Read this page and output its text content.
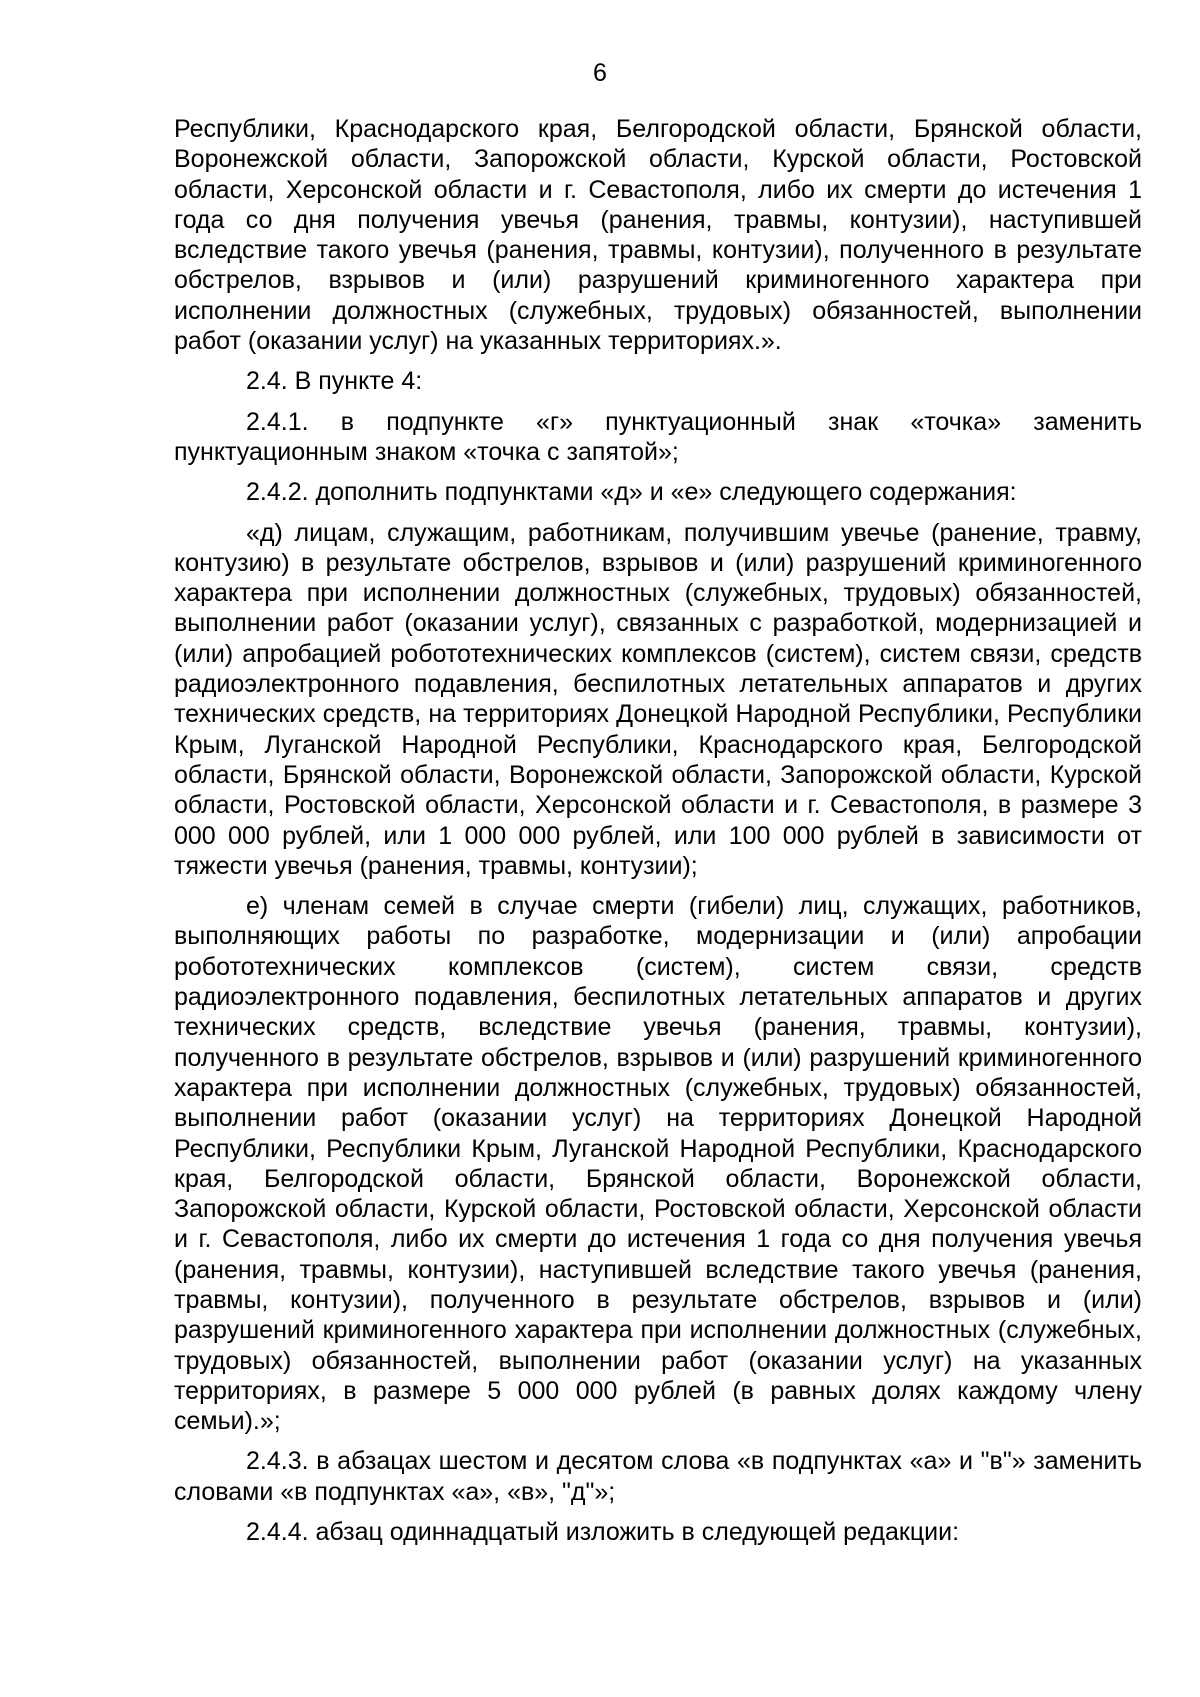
6

Республики, Краснодарского края, Белгородской области, Брянской области, Воронежской области, Запорожской области, Курской области, Ростовской области, Херсонской области и г. Севастополя, либо их смерти до истечения 1 года со дня получения увечья (ранения, травмы, контузии), наступившей вследствие такого увечья (ранения, травмы, контузии), полученного в результате обстрелов, взрывов и (или) разрушений криминогенного характера при исполнении должностных (служебных, трудовых) обязанностей, выполнении работ (оказании услуг) на указанных территориях.».

2.4. В пункте 4:

2.4.1. в подпункте «г» пунктуационный знак «точка» заменить пунктуационным знаком «точка с запятой»;

2.4.2. дополнить подпунктами «д» и «е» следующего содержания:

«д) лицам, служащим, работникам, получившим увечье (ранение, травму, контузию) в результате обстрелов, взрывов и (или) разрушений криминогенного характера при исполнении должностных (служебных, трудовых) обязанностей, выполнении работ (оказании услуг), связанных с разработкой, модернизацией и (или) апробацией робототехнических комплексов (систем), систем связи, средств радиоэлектронного подавления, беспилотных летательных аппаратов и других технических средств, на территориях Донецкой Народной Республики, Республики Крым, Луганской Народной Республики, Краснодарского края, Белгородской области, Брянской области, Воронежской области, Запорожской области, Курской области, Ростовской области, Херсонской области и г. Севастополя, в размере 3 000 000 рублей, или 1 000 000 рублей, или 100 000 рублей в зависимости от тяжести увечья (ранения, травмы, контузии);

е) членам семей в случае смерти (гибели) лиц, служащих, работников, выполняющих работы по разработке, модернизации и (или) апробации робототехнических комплексов (систем), систем связи, средств радиоэлектронного подавления, беспилотных летательных аппаратов и других технических средств, вследствие увечья (ранения, травмы, контузии), полученного в результате обстрелов, взрывов и (или) разрушений криминогенного характера при исполнении должностных (служебных, трудовых) обязанностей, выполнении работ (оказании услуг) на территориях Донецкой Народной Республики, Республики Крым, Луганской Народной Республики, Краснодарского края, Белгородской области, Брянской области, Воронежской области, Запорожской области, Курской области, Ростовской области, Херсонской области и г. Севастополя, либо их смерти до истечения 1 года со дня получения увечья (ранения, травмы, контузии), наступившей вследствие такого увечья (ранения, травмы, контузии), полученного в результате обстрелов, взрывов и (или) разрушений криминогенного характера при исполнении должностных (служебных, трудовых) обязанностей, выполнении работ (оказании услуг) на указанных территориях, в размере 5 000 000 рублей (в равных долях каждому члену семьи).»;

2.4.3. в абзацах шестом и десятом слова «в подпунктах «а» и "в"» заменить словами «в подпунктах «а», «в», "д"»;

2.4.4. абзац одиннадцатый изложить в следующей редакции:
